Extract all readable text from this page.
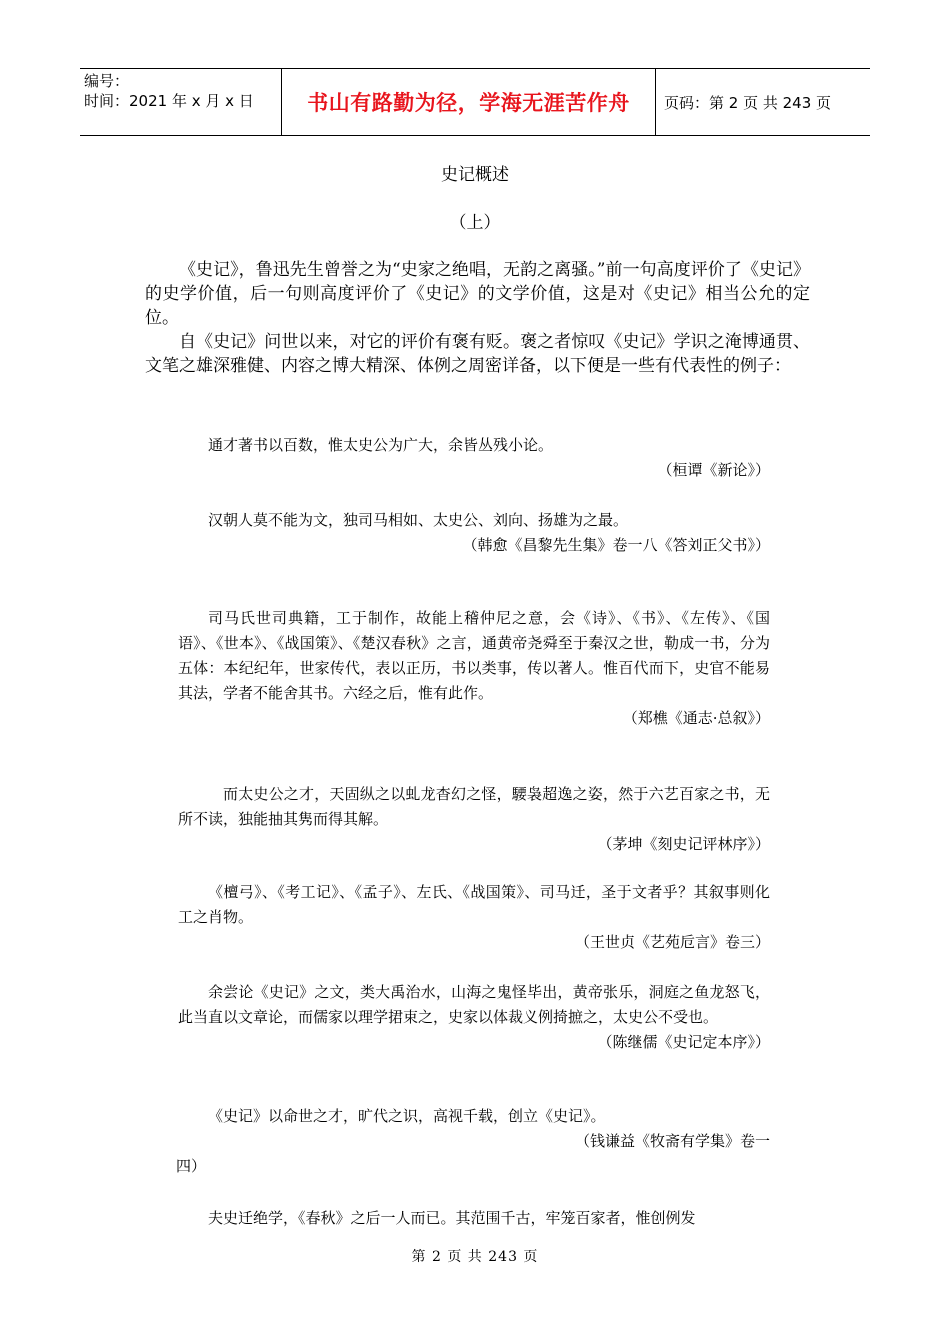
编号：
时间：2021 年 x 月 x 日	书山有路勤为径，学海无涯苦作舟	页码：第 2 页 共 243 页
史记概述
（上）

《史记》，鲁迅先生曾誉之为“史家之绝唱，无韵之离骚。”前一句高度评价了《史记》的史学价值，后一句则高度评价了《史记》的文学价值，这是对《史记》相当公允的定位。

自《史记》问世以来，对它的评价有褒有贬。褒之者惊叹《史记》学识之淹博通贯、文笔之雄深雅健、内容之博大精深、体例之周密详备，以下便是一些有代表性的例子：

通才著书以百数，惟太史公为广大，余皆丛残小论。
（桓谭《新论》）
汉朝人莫不能为文，独司马相如、太史公、刘向、扬雄为之最。
（韩愈《昌黎先生集》卷一八《答刘正父书》）
司马氏世司典籍，工于制作，故能上稽仲尼之意，会《诗》、《书》、《左传》、《国语》、《世本》、《战国策》、《楚汉春秋》之言，通黄帝尧舜至于秦汉之世，勒成一书，分为五体：本纪纪年，世家传代，表以正历，书以类事，传以著人。惟百代而下，史官不能易其法，学者不能舍其书。六经之后，惟有此作。
（郑樵《通志·总叙》）
而太史公之才，天固纵之以虬龙杳幻之怪，騕袅超逸之姿，然于六艺百家之书，无所不读，独能抽其隽而得其解。
（茅坤《刻史记评林序》）
《檀弓》、《考工记》、《孟子》、左氏、《战国策》、司马迁，圣于文者乎？其叙事则化工之肖物。
（王世贞《艺苑卮言》卷三）
余尝论《史记》之文，类大禹治水，山海之鬼怪毕出，黄帝张乐，洞庭之鱼龙怒飞，此当直以文章论，而儒家以理学捃束之，史家以体裁义例掎摭之，太史公不受也。
（陈继儒《史记定本序》）
《史记》以命世之才，旷代之识，高视千载，创立《史记》。
（钱谦益《牧斋有学集》卷一
四）
夫史迁绝学，《春秋》之后一人而已。其范围千古，牢笼百家者，惟创例发
第 2 页 共 243 页
